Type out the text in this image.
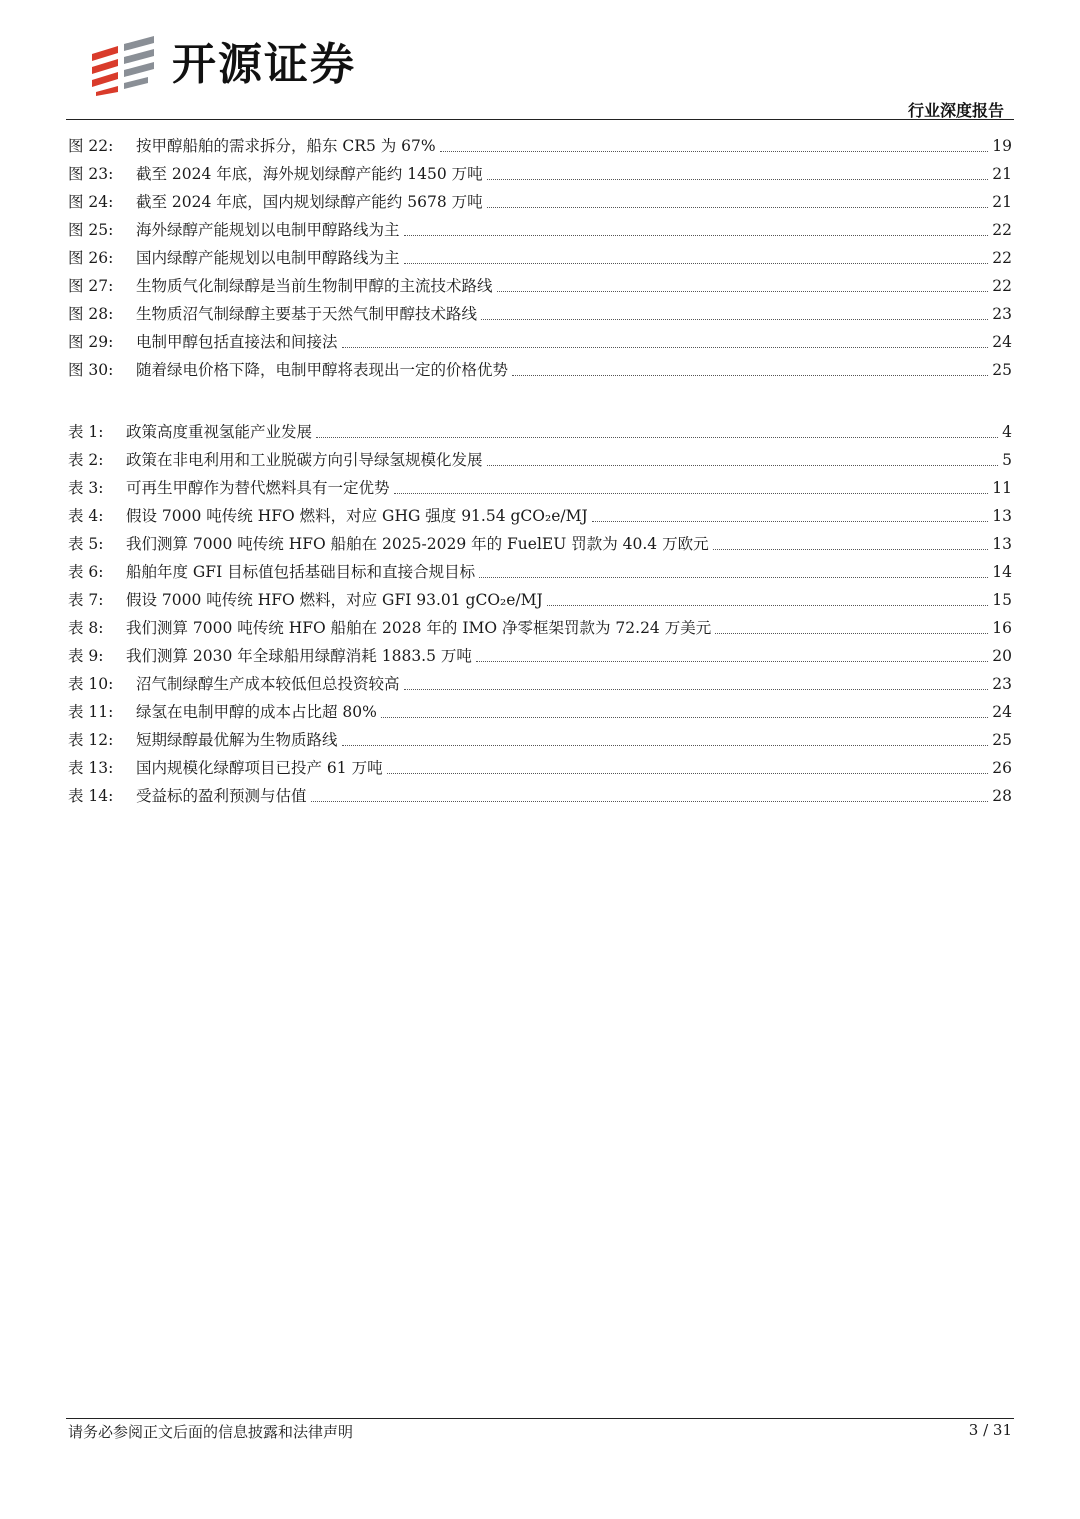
开源证券
行业深度报告
图 22:	按甲醇船舶的需求拆分，船东 CR5 为 67%	19
图 23:	截至 2024 年底，海外规划绿醇产能约 1450 万吨	21
图 24:	截至 2024 年底，国内规划绿醇产能约 5678 万吨	21
图 25:	海外绿醇产能规划以电制甲醇路线为主	22
图 26:	国内绿醇产能规划以电制甲醇路线为主	22
图 27:	生物质气化制绿醇是当前生物制甲醇的主流技术路线	22
图 28:	生物质沼气制绿醇主要基于天然气制甲醇技术路线	23
图 29:	电制甲醇包括直接法和间接法	24
图 30:	随着绿电价格下降，电制甲醇将表现出一定的价格优势	25
表 1:	政策高度重视氢能产业发展	4
表 2:	政策在非电利用和工业脱碳方向引导绿氢规模化发展	5
表 3:	可再生甲醇作为替代燃料具有一定优势	11
表 4:	假设 7000 吨传统 HFO 燃料，对应 GHG 强度 91.54 gCO₂e/MJ	13
表 5:	我们测算 7000 吨传统 HFO 船舶在 2025-2029 年的 FuelEU 罚款为 40.4 万欧元	13
表 6:	船舶年度 GFI 目标值包括基础目标和直接合规目标	14
表 7:	假设 7000 吨传统 HFO 燃料，对应 GFI 93.01 gCO₂e/MJ	15
表 8:	我们测算 7000 吨传统 HFO 船舶在 2028 年的 IMO 净零框架罚款为 72.24 万美元	16
表 9:	我们测算 2030 年全球船用绿醇消耗 1883.5 万吨	20
表 10:	沼气制绿醇生产成本较低但总投资较高	23
表 11:	绿氢在电制甲醇的成本占比超 80%	24
表 12:	短期绿醇最优解为生物质路线	25
表 13:	国内规模化绿醇项目已投产 61 万吨	26
表 14:	受益标的盈利预测与估值	28
请务必参阅正文后面的信息披露和法律声明	3 / 31
